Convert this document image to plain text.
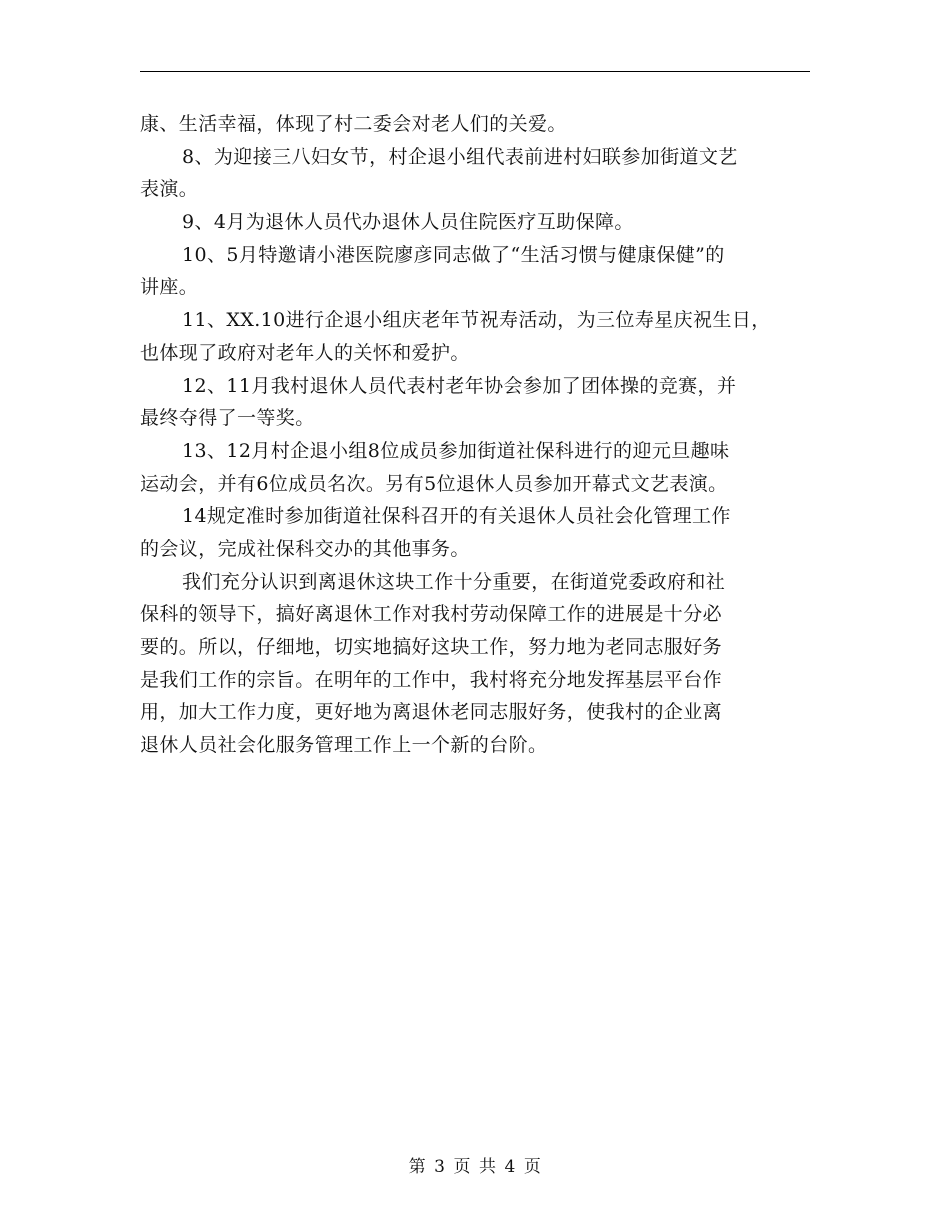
康、生活幸福，体现了村二委会对老人们的关爱。
8、为迎接三八妇女节，村企退小组代表前进村妇联参加街道文艺
表演。
9、4月为退休人员代办退休人员住院医疗互助保障。
10、5月特邀请小港医院廖彦同志做了“生活习惯与健康保健”的
讲座。
11、XX.10进行企退小组庆老年节祝寿活动，为三位寿星庆祝生日，
也体现了政府对老年人的关怀和爱护。
12、11月我村退休人员代表村老年协会参加了团体操的竞赛，并
最终夺得了一等奖。
13、12月村企退小组8位成员参加街道社保科进行的迎元旦趣味
运动会，并有6位成员名次。另有5位退休人员参加开幕式文艺表演。
14规定准时参加街道社保科召开的有关退休人员社会化管理工作
的会议，完成社保科交办的其他事务。
我们充分认识到离退休这块工作十分重要，在街道党委政府和社
保科的领导下，搞好离退休工作对我村劳动保障工作的进展是十分必
要的。所以，仔细地，切实地搞好这块工作，努力地为老同志服好务
是我们工作的宗旨。在明年的工作中，我村将充分地发挥基层平台作
用，加大工作力度，更好地为离退休老同志服好务，使我村的企业离
退休人员社会化服务管理工作上一个新的台阶。
第 3 页 共 4 页
